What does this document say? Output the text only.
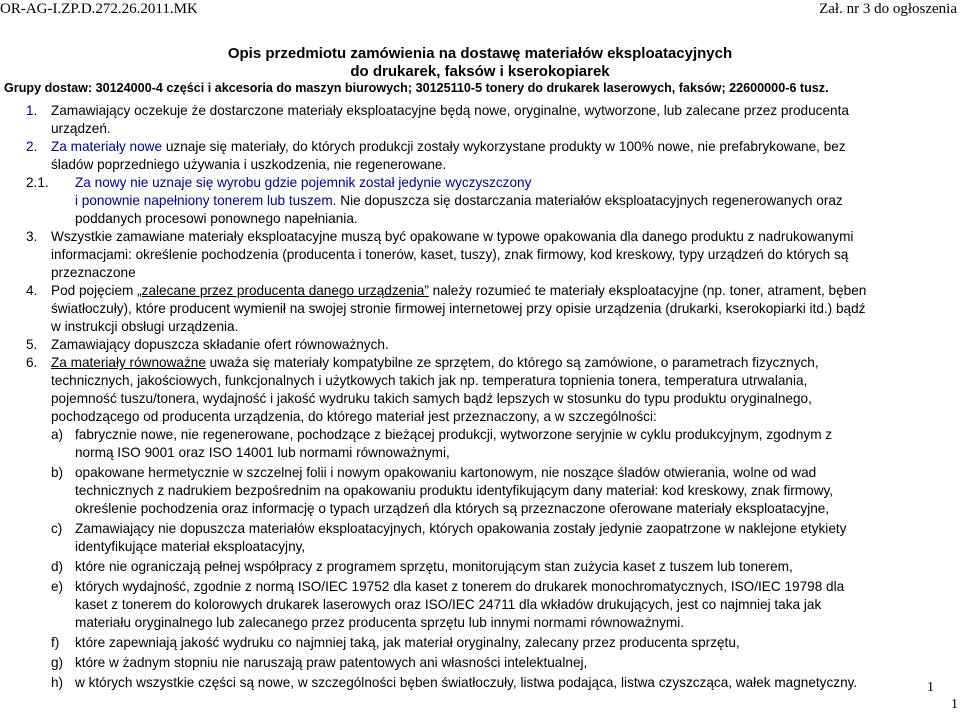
OR-AG-I.ZP.D.272.26.2011.MK	Zał. nr 3 do ogłoszenia
Opis przedmiotu zamówienia na dostawę materiałów eksploatacyjnych
do drukarek, faksów i kserokopiarek
Grupy dostaw: 30124000-4 części i akcesoria do maszyn biurowych; 30125110-5 tonery do drukarek laserowych, faksów; 22600000-6 tusz.
1. Zamawiający oczekuje że dostarczone materiały eksploatacyjne będą nowe, oryginalne, wytworzone, lub zalecane przez producenta
urządzeń.
2. Za materiały nowe uznaje się materiały, do których produkcji zostały wykorzystane produkty w 100% nowe, nie prefabrykowane, bez
śladów poprzedniego używania i uszkodzenia, nie regenerowane.
2.1. Za nowy nie uznaje się wyrobu gdzie pojemnik został jedynie wyczyszczony
i ponownie napełniony tonerem lub tuszem. Nie dopuszcza się dostarczania materiałów eksploatacyjnych regenerowanych oraz
poddanych procesowi ponownego napełniania.
3. Wszystkie zamawiane materiały eksploatacyjne muszą być opakowane w typowe opakowania dla danego produktu z nadrukowanymi
informacjami: określenie pochodzenia (producenta i tonerów, kaset, tuszy), znak firmowy, kod kreskowy, typy urządzeń do których są
przeznaczone
4. Pod pojęciem „zalecane przez producenta danego urządzenia” należy rozumieć te materiały eksploatacyjne (np. toner, atrament, bęben
światłoczuły), które producent wymienił na swojej stronie firmowej internetowej przy opisie urządzenia (drukarki, kserokopiarki itd.) bądź
w instrukcji obsługi urządzenia.
5. Zamawiający dopuszcza składanie ofert równoważnych.
6. Za materiały równoważne uważa się materiały kompatybilne ze sprzętem, do którego są zamówione, o parametrach fizycznych,
technicznych, jakościowych, funkcjonalnych i użytkowych takich jak np. temperatura topnienia tonera, temperatura utrwalania,
pojemność tuszu/tonera, wydajność i jakość wydruku takich samych bądź lepszych w stosunku do typu produktu oryginalnego,
pochodzącego od producenta urządzenia, do którego materiał jest przeznaczony, a w szczególności:
a) fabrycznie nowe, nie regenerowane, pochodzące z bieżącej produkcji, wytworzone seryjnie w cyklu produkcyjnym, zgodnym z
normą ISO 9001 oraz ISO 14001 lub normami równoważnymi,
b) opakowane hermetycznie w szczelnej folii i nowym opakowaniu kartonowym, nie noszące śladów otwierania, wolne od wad
technicznych z nadrukiem bezpośrednim na opakowaniu produktu identyfikującym dany materiał: kod kreskowy, znak firmowy,
określenie pochodzenia oraz informację o typach urządzeń dla których są przeznaczone oferowane materiały eksploatacyjne,
c) Zamawiający nie dopuszcza materiałów eksploatacyjnych, których opakowania zostały jedynie zaopatrzone w naklejone etykiety
identyfikujące materiał eksploatacyjny,
d) które nie ograniczają pełnej współpracy z programem sprzętu, monitorującym stan zużycia kaset z tuszem lub tonerem,
e) których wydajność, zgodnie z normą ISO/IEC 19752 dla kaset z tonerem do drukarek monochromatycznych, ISO/IEC 19798 dla
kaset z tonerem do kolorowych drukarek laserowych oraz ISO/IEC 24711 dla wkładów drukujących, jest co najmniej taka jak
materiału oryginalnego lub zalecanego przez producenta sprzętu lub innymi normami równoważnymi.
f) które zapewniają jakość wydruku co najmniej taką, jak materiał oryginalny, zalecany przez producenta sprzętu,
g) które w żadnym stopniu nie naruszają praw patentowych ani własności intelektualnej,
h) w których wszystkie części są nowe, w szczególności bęben światłoczuły, listwa podająca, listwa czyszcząca, wałek magnetyczny.	1
1
